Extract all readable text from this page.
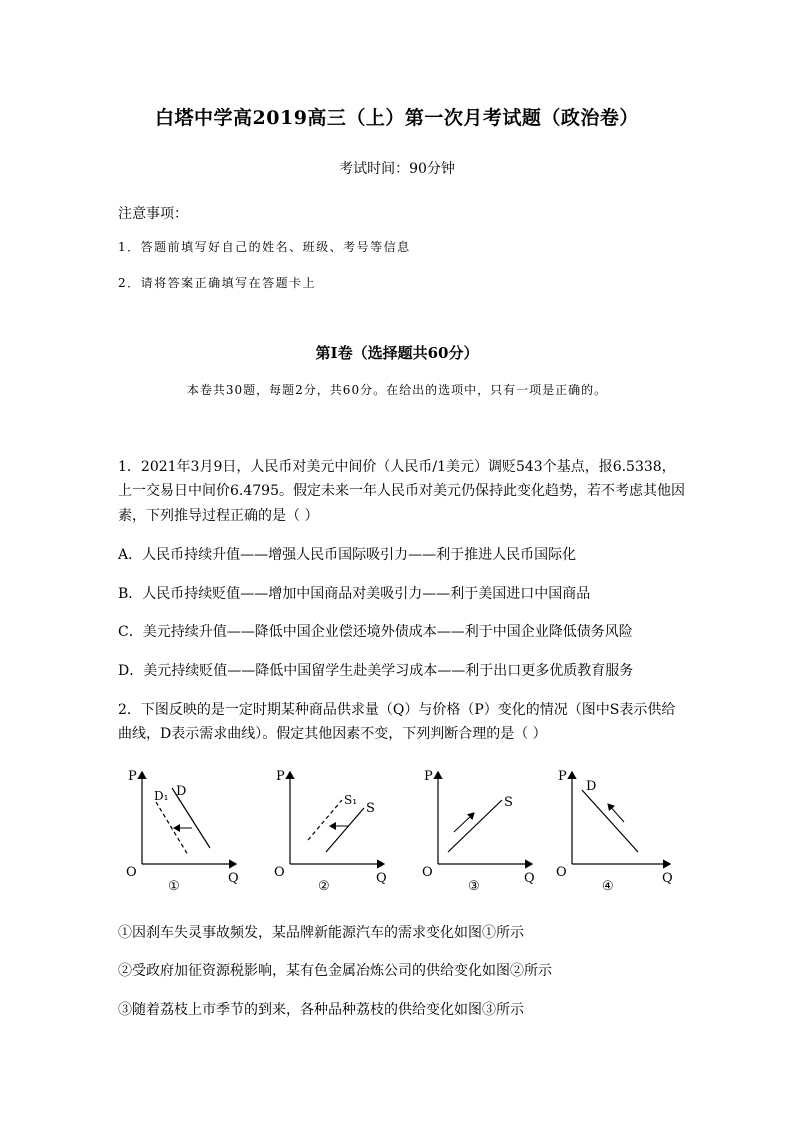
白塔中学高2019高三（上）第一次月考试题（政治卷）
考试时间：90分钟
注意事项：
1．答题前填写好自己的姓名、班级、考号等信息
2．请将答案正确填写在答题卡上
第I卷（选择题共60分）
本卷共30题，每题2分，共60分。在给出的选项中，只有一项是正确的。
1．2021年3月9日，人民币对美元中间价（人民币/1美元）调贬543个基点，报6.5338，
上一交易日中间价6.4795。假定未来一年人民币对美元仍保持此变化趋势，若不考虑其他因
素，下列推导过程正确的是（ ）
A．人民币持续升值——增强人民币国际吸引力——利于推进人民币国际化
B．人民币持续贬值——增加中国商品对美吸引力——利于美国进口中国商品
C．美元持续升值——降低中国企业偿还境外债成本——利于中国企业降低债务风险
D．美元持续贬值——降低中国留学生赴美学习成本——利于出口更多优质教育服务
2．下图反映的是一定时期某种商品供求量（Q）与价格（P）变化的情况（图中S表示供给
曲线，D表示需求曲线）。假定其他因素不变，下列判断合理的是（ ）
P
Q
O
D
D₁
①
P
Q
O
S
S₁
②
P
Q
O
S
③
P
Q
O
D
④
①因刹车失灵事故频发，某品牌新能源汽车的需求变化如图①所示
②受政府加征资源税影响，某有色金属冶炼公司的供给变化如图②所示
③随着荔枝上市季节的到来，各种品种荔枝的供给变化如图③所示
